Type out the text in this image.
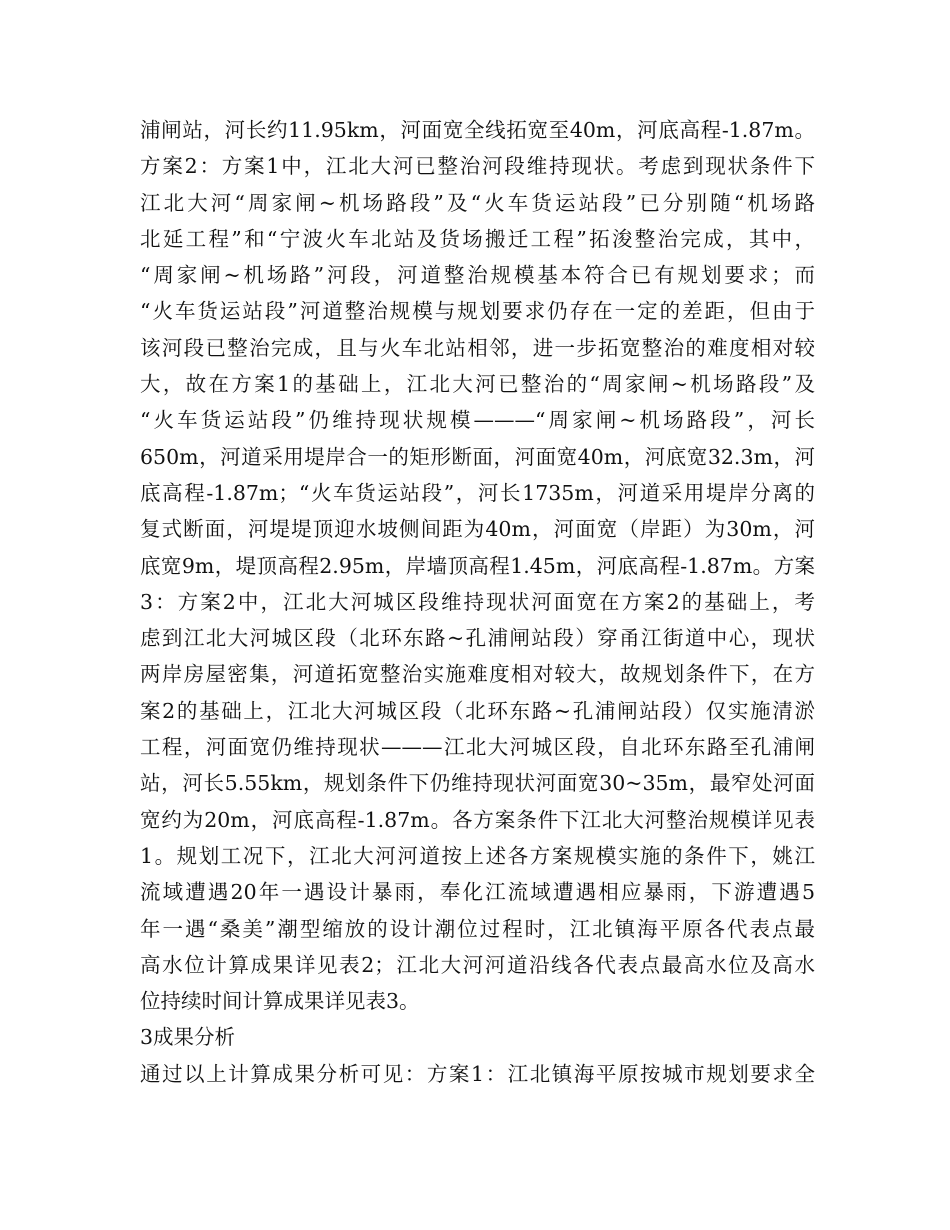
浦闸站，河长约11.95km，河面宽全线拓宽至40m，河底高程-1.87m。
方案2：方案1中，江北大河已整治河段维持现状。考虑到现状条件下
江北大河“周家闸~机场路段”及“火车货运站段”已分别随“机场路
北延工程”和“宁波火车北站及货场搬迁工程”拓浚整治完成，其中，
“周家闸~机场路”河段，河道整治规模基本符合已有规划要求；而
“火车货运站段”河道整治规模与规划要求仍存在一定的差距，但由于
该河段已整治完成，且与火车北站相邻，进一步拓宽整治的难度相对较
大，故在方案1的基础上，江北大河已整治的“周家闸~机场路段”及
“火车货运站段”仍维持现状规模———“周家闸~机场路段”，河长
650m，河道采用堤岸合一的矩形断面，河面宽40m，河底宽32.3m，河
底高程-1.87m；“火车货运站段”，河长1735m，河道采用堤岸分离的
复式断面，河堤堤顶迎水坡侧间距为40m，河面宽（岸距）为30m，河
底宽9m，堤顶高程2.95m，岸墙顶高程1.45m，河底高程-1.87m。方案
3：方案2中，江北大河城区段维持现状河面宽在方案2的基础上，考
虑到江北大河城区段（北环东路~孔浦闸站段）穿甬江街道中心，现状
两岸房屋密集，河道拓宽整治实施难度相对较大，故规划条件下，在方
案2的基础上，江北大河城区段（北环东路~孔浦闸站段）仅实施清淤
工程，河面宽仍维持现状———江北大河城区段，自北环东路至孔浦闸
站，河长5.55km，规划条件下仍维持现状河面宽30~35m，最窄处河面
宽约为20m，河底高程-1.87m。各方案条件下江北大河整治规模详见表
1。规划工况下，江北大河河道按上述各方案规模实施的条件下，姚江
流域遭遇20年一遇设计暴雨，奉化江流域遭遇相应暴雨，下游遭遇5
年一遇“桑美”潮型缩放的设计潮位过程时，江北镇海平原各代表点最
高水位计算成果详见表2；江北大河河道沿线各代表点最高水位及高水
位持续时间计算成果详见表3。
3成果分析
通过以上计算成果分析可见：方案1：江北镇海平原按城市规划要求全
